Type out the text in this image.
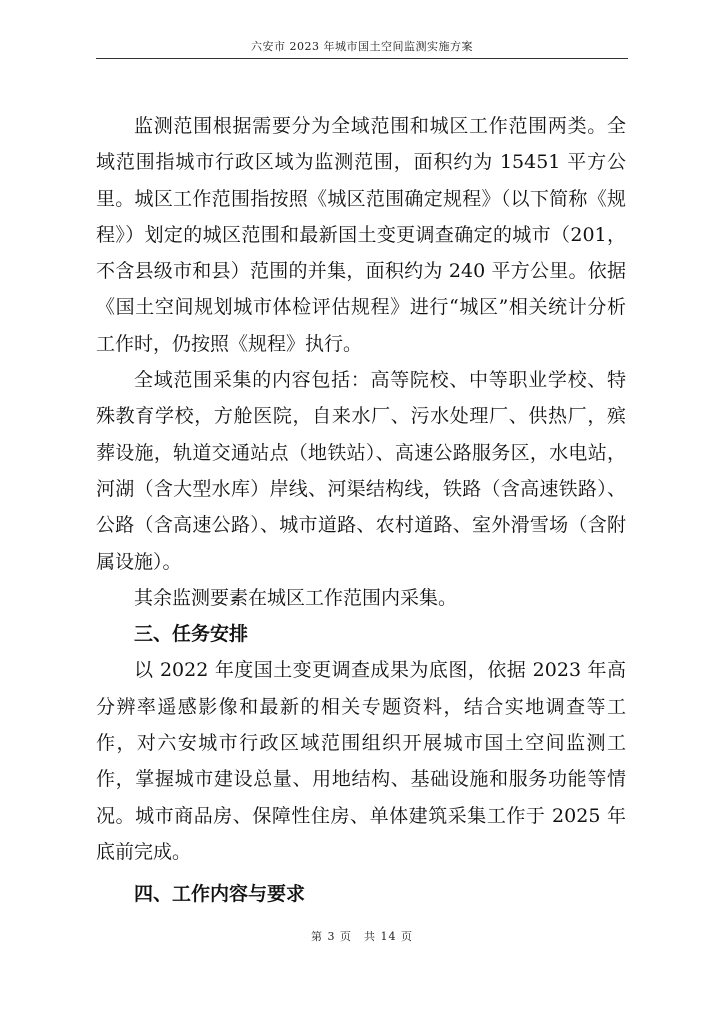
六安市 2023 年城市国土空间监测实施方案

监测范围根据需要分为全域范围和城区工作范围两类。全域范围指城市行政区域为监测范围，面积约为 15451 平方公里。城区工作范围指按照《城区范围确定规程》（以下简称《规程》）划定的城区范围和最新国土变更调查确定的城市（201，不含县级市和县）范围的并集，面积约为 240 平方公里。依据《国土空间规划城市体检评估规程》进行“城区”相关统计分析工作时，仍按照《规程》执行。

全域范围采集的内容包括：高等院校、中等职业学校、特殊教育学校，方舱医院，自来水厂、污水处理厂、供热厂，殡葬设施，轨道交通站点（地铁站）、高速公路服务区，水电站，河湖（含大型水库）岸线、河渠结构线，铁路（含高速铁路）、公路（含高速公路）、城市道路、农村道路、室外滑雪场（含附属设施）。

其余监测要素在城区工作范围内采集。

三、任务安排

以 2022 年度国土变更调查成果为底图，依据 2023 年高分辨率遥感影像和最新的相关专题资料，结合实地调查等工作，对六安城市行政区域范围组织开展城市国土空间监测工作，掌握城市建设总量、用地结构、基础设施和服务功能等情况。城市商品房、保障性住房、单体建筑采集工作于 2025 年底前完成。

四、工作内容与要求
第 3 页　共 14 页
